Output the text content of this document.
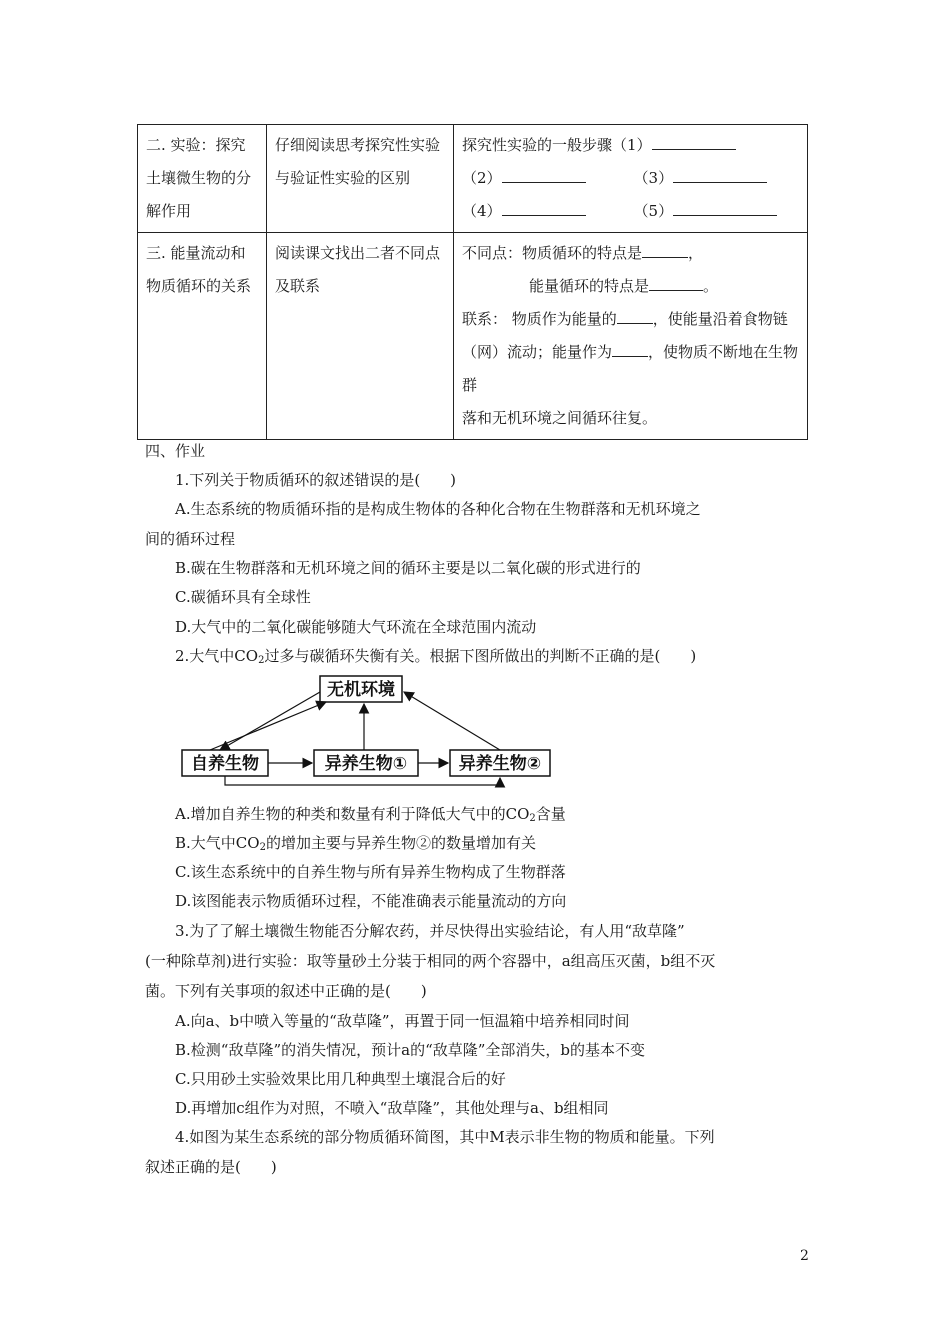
二. 实验：探究土壤微生物的分解作用	仔细阅读思考探究性实验与验证性实验的区别	探究性实验的一般步骤（1）
（2） （3）
（4） （5）

三. 能量流动和物质循环的关系	阅读课文找出二者不同点及联系	不同点：物质循环的特点是 ，
能量循环的特点是 。
联系： 物质作为能量的 ，使能量沿着食物链
（网）流动；能量作为 ，使物质不断地在生物群
落和无机环境之间循环往复。
四、作业
1.下列关于物质循环的叙述错误的是(　　)
A.生态系统的物质循环指的是构成生物体的各种化合物在生物群落和无机环境之
间的循环过程
B.碳在生物群落和无机环境之间的循环主要是以二氧化碳的形式进行的
C.碳循环具有全球性
D.大气中的二氧化碳能够随大气环流在全球范围内流动
2.大气中$CO_2$过多与碳循环失衡有关。根据下图所做出的判断不正确的是(　　)
无机环境
自养生物	异养生物①	异养生物②
A.增加自养生物的种类和数量有利于降低大气中的$CO_2$含量
B.大气中$CO_2$的增加主要与异养生物②的数量增加有关
C.该生态系统中的自养生物与所有异养生物构成了生物群落
D.该图能表示物质循环过程，不能准确表示能量流动的方向
3.为了了解土壤微生物能否分解农药，并尽快得出实验结论，有人用“敌草隆”
(一种除草剂)进行实验：取等量砂土分装于相同的两个容器中，a组高压灭菌，b组不灭
菌。下列有关事项的叙述中正确的是(　　)
A.向a、b中喷入等量的“敌草隆”，再置于同一恒温箱中培养相同时间
B.检测“敌草隆”的消失情况，预计a的“敌草隆”全部消失，b的基本不变
C.只用砂土实验效果比用几种典型土壤混合后的好
D.再增加c组作为对照，不喷入“敌草隆”，其他处理与a、b组相同
4.如图为某生态系统的部分物质循环简图，其中M表示非生物的物质和能量。下列
叙述正确的是(　　)
2
